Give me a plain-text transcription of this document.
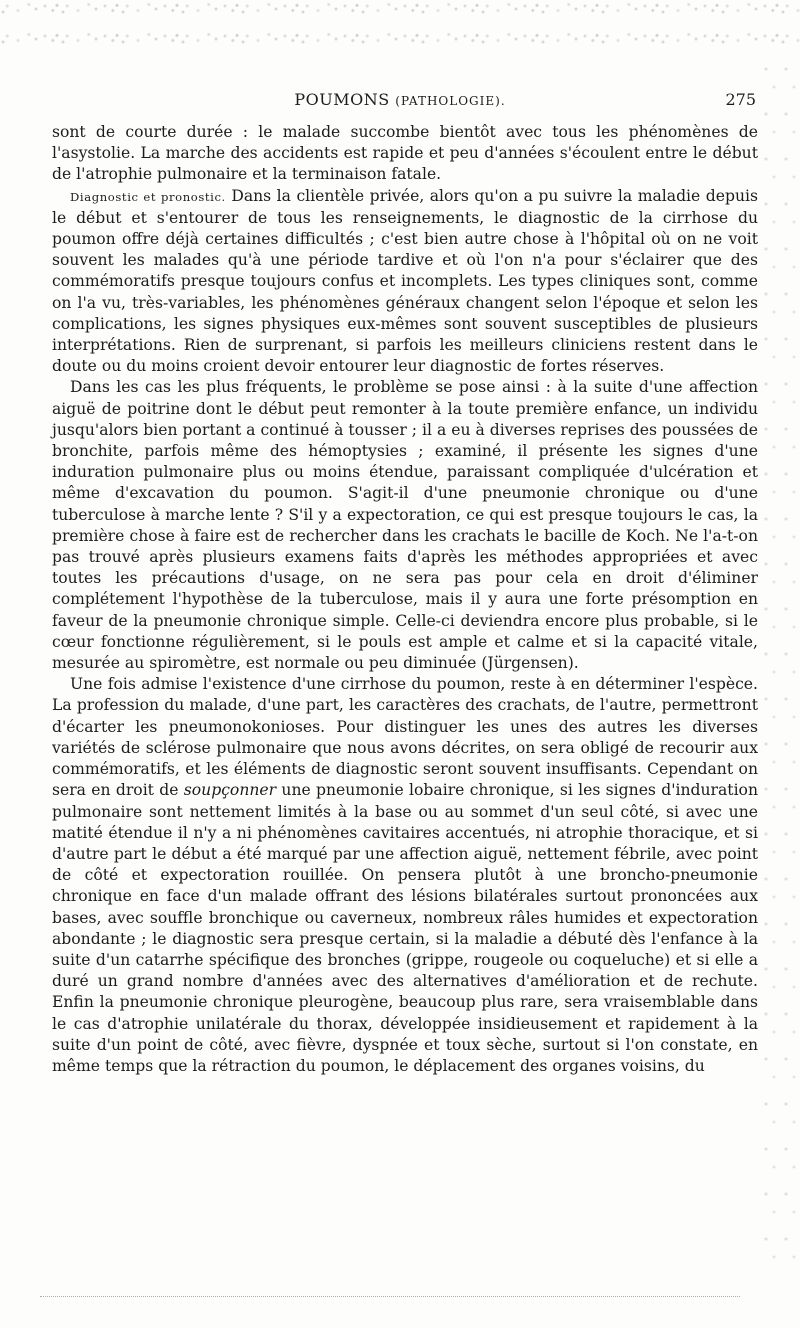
POUMONS (PATHOLOGIE).	275

sont de courte durée : le malade succombe bientôt avec tous les phénomènes de l'asystolie. La marche des accidents est rapide et peu d'années s'écoulent entre le début de l'atrophie pulmonaire et la terminaison fatale.

Diagnostic et pronostic. Dans la clientèle privée, alors qu'on a pu suivre la maladie depuis le début et s'entourer de tous les renseignements, le diagnostic de la cirrhose du poumon offre déjà certaines difficultés ; c'est bien autre chose à l'hôpital où on ne voit souvent les malades qu'à une période tardive et où l'on n'a pour s'éclairer que des commémoratifs presque toujours confus et incomplets. Les types cliniques sont, comme on l'a vu, très-variables, les phénomènes généraux changent selon l'époque et selon les complications, les signes physiques eux-mêmes sont souvent susceptibles de plusieurs interprétations. Rien de surprenant, si parfois les meilleurs cliniciens restent dans le doute ou du moins croient devoir entourer leur diagnostic de fortes réserves.

Dans les cas les plus fréquents, le problème se pose ainsi : à la suite d'une affection aiguë de poitrine dont le début peut remonter à la toute première enfance, un individu jusqu'alors bien portant a continué à tousser ; il a eu à diverses reprises des poussées de bronchite, parfois même des hémoptysies ; examiné, il présente les signes d'une induration pulmonaire plus ou moins étendue, paraissant compliquée d'ulcération et même d'excavation du poumon. S'agit-il d'une pneumonie chronique ou d'une tuberculose à marche lente ? S'il y a expectoration, ce qui est presque toujours le cas, la première chose à faire est de rechercher dans les crachats le bacille de Koch. Ne l'a-t-on pas trouvé après plusieurs examens faits d'après les méthodes appropriées et avec toutes les précautions d'usage, on ne sera pas pour cela en droit d'éliminer complétement l'hypothèse de la tuberculose, mais il y aura une forte présomption en faveur de la pneumonie chronique simple. Celle-ci deviendra encore plus probable, si le cœur fonctionne régulièrement, si le pouls est ample et calme et si la capacité vitale, mesurée au spiromètre, est normale ou peu diminuée (Jürgensen).

Une fois admise l'existence d'une cirrhose du poumon, reste à en déterminer l'espèce. La profession du malade, d'une part, les caractères des crachats, de l'autre, permettront d'écarter les pneumonokonioses. Pour distinguer les unes des autres les diverses variétés de sclérose pulmonaire que nous avons décrites, on sera obligé de recourir aux commémoratifs, et les éléments de diagnostic seront souvent insuffisants. Cependant on sera en droit de soupçonner une pneumonie lobaire chronique, si les signes d'induration pulmonaire sont nettement limités à la base ou au sommet d'un seul côté, si avec une matité étendue il n'y a ni phénomènes cavitaires accentués, ni atrophie thoracique, et si d'autre part le début a été marqué par une affection aiguë, nettement fébrile, avec point de côté et expectoration rouillée. On pensera plutôt à une broncho-pneumonie chronique en face d'un malade offrant des lésions bilatérales surtout prononcées aux bases, avec souffle bronchique ou caverneux, nombreux râles humides et expectoration abondante ; le diagnostic sera presque certain, si la maladie a débuté dès l'enfance à la suite d'un catarrhe spécifique des bronches (grippe, rougeole ou coqueluche) et si elle a duré un grand nombre d'années avec des alternatives d'amélioration et de rechute. Enfin la pneumonie chronique pleurogène, beaucoup plus rare, sera vraisemblable dans le cas d'atrophie unilatérale du thorax, développée insidieusement et rapidement à la suite d'un point de côté, avec fièvre, dyspnée et toux sèche, surtout si l'on constate, en même temps que la rétraction du poumon, le déplacement des organes voisins, du
